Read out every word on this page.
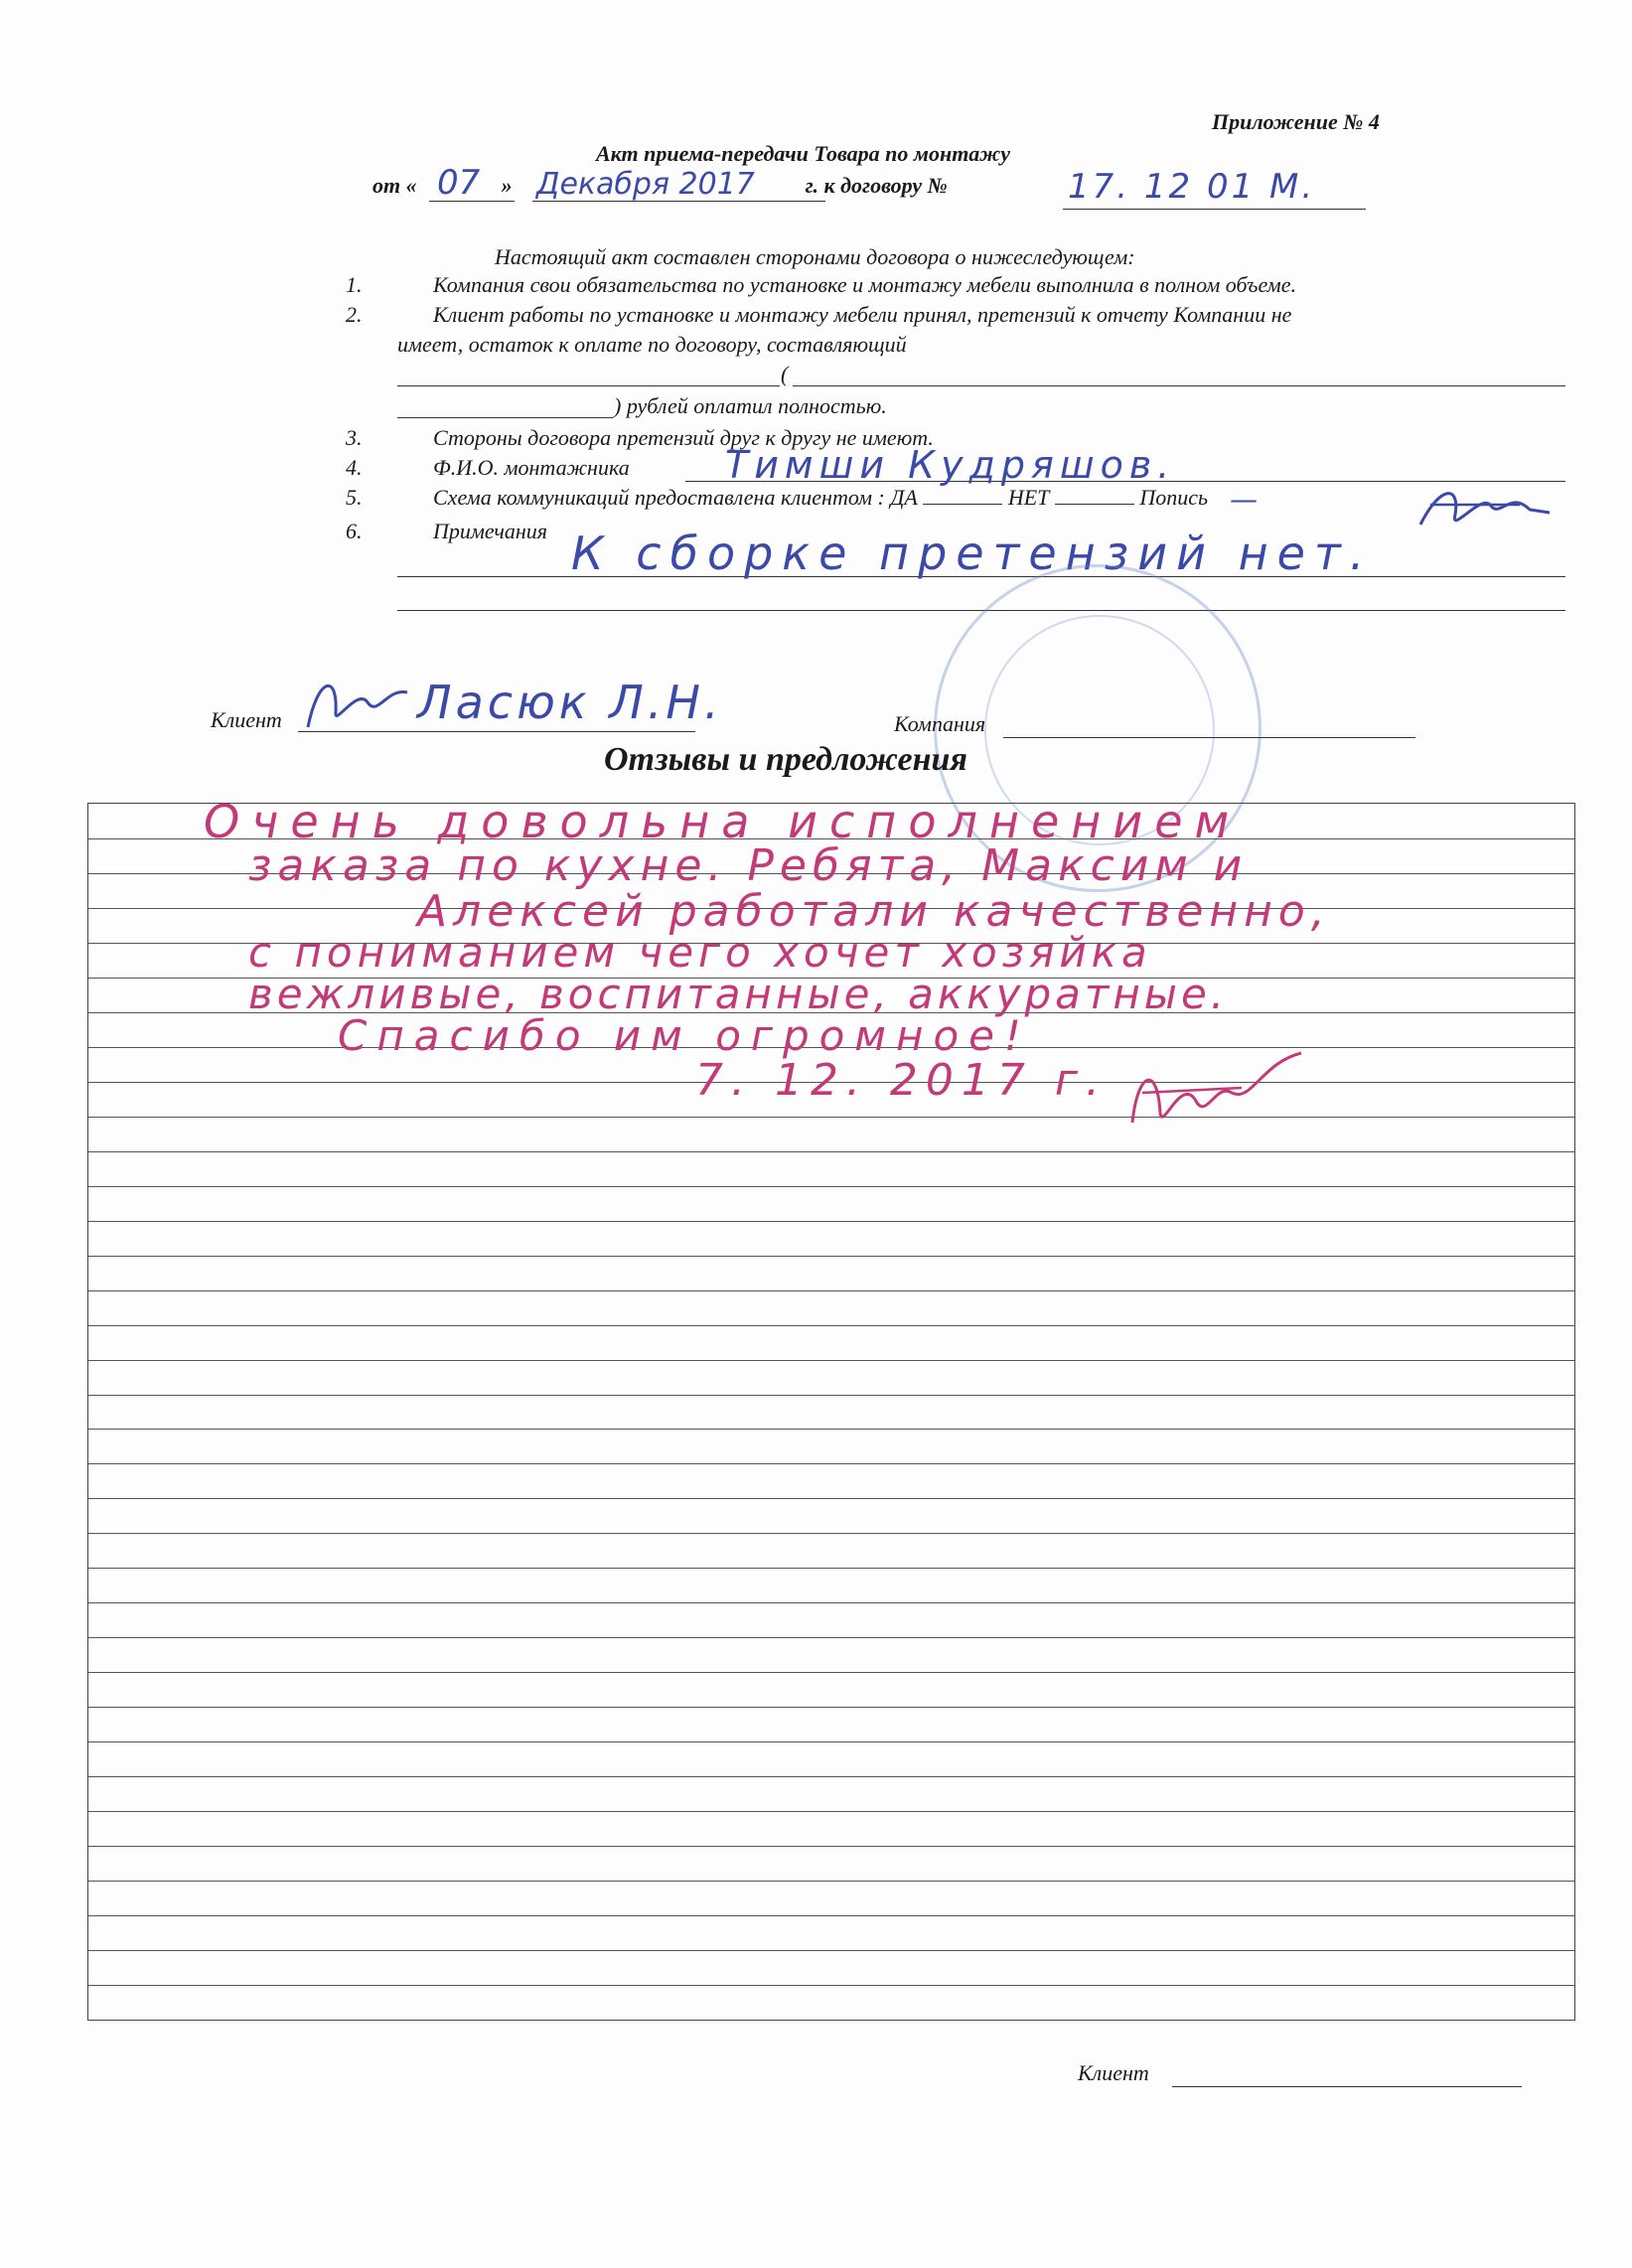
Приложение № 4
Акт приема-передачи Товара по монтажу
от «	»	г. к договору №
07 Декабря 2017	17. 12 01 М.
Настоящий акт составлен сторонами договора о нижеследующем:
1.	Компания свои обязательства по установке и монтажу мебели выполнила в полном объеме.
2.	Клиент работы по установке и монтажу мебели принял, претензий к отчету Компании не
имеет, остаток к оплате по договору, составляющий
(
) рублей оплатил полностью.
3.	Стороны договора претензий друг к другу не имеют.
4.	Ф.И.О. монтажника	Тимши Кудряшов.
5.	Схема коммуникаций предоставлена клиентом : ДА	НЕТ	Попись —
6.	Примечания К сборке претензий нет.
Клиент	Ласюк Л.Н.	Компания
Отзывы и предложения
Очень довольна исполнением
заказа по кухне. Ребята, Максим и
Алексей работали качественно,
с пониманием чего хочет хозяйка
вежливые, воспитанные, аккуратные.
Спасибо им огромное!
7. 12. 2017 г.
Клиент
